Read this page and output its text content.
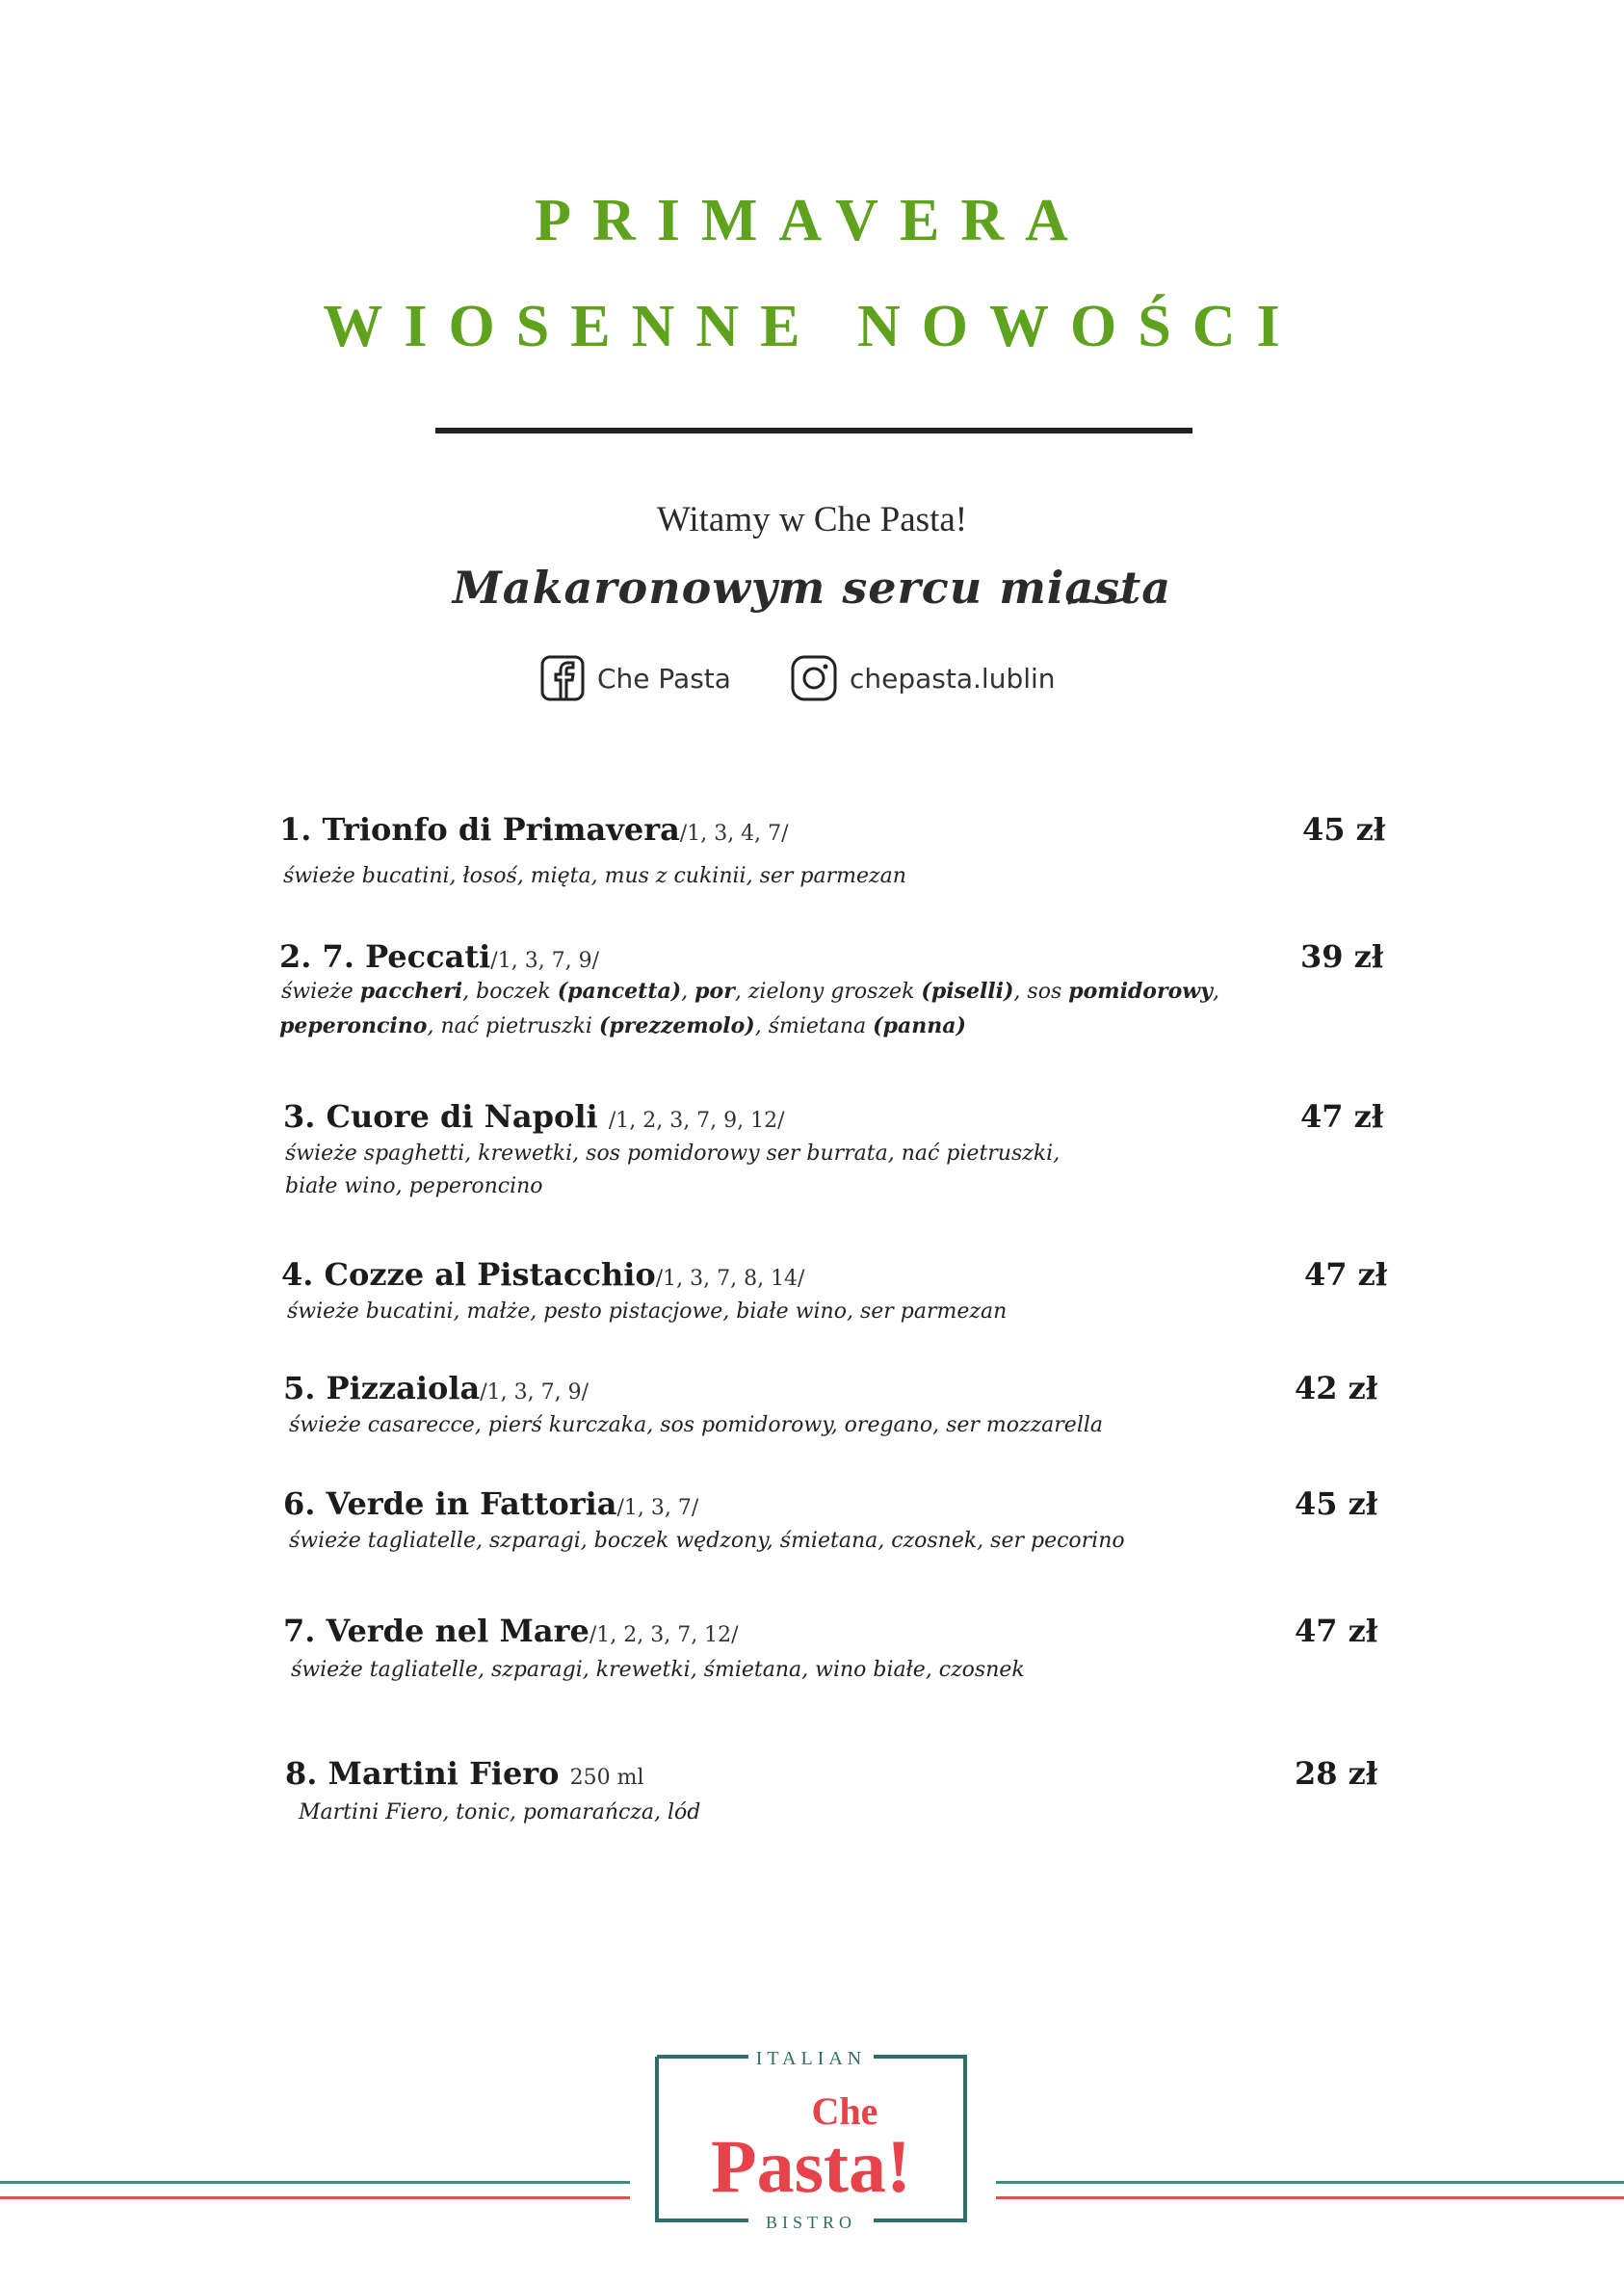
PRIMAVERA
WIOSENNE NOWOŚCI
Witamy w Che Pasta!
Makaronowym sercu miasta
Che Pasta	chepasta.lublin
1. Trionfo di Primavera/1, 3, 4, 7/	45 zł
świeże bucatini, łosoś, mięta, mus z cukinii, ser parmezan
2. 7. Peccati/1, 3, 7, 9/	39 zł
świeże paccheri, boczek (pancetta), por, zielony groszek (piselli), sos pomidorowy,
peperoncino, nać pietruszki (prezzemolo), śmietana (panna)
3. Cuore di Napoli /1, 2, 3, 7, 9, 12/	47 zł
świeże spaghetti, krewetki, sos pomidorowy ser burrata, nać pietruszki,
białe wino, peperoncino
4. Cozze al Pistacchio/1, 3, 7, 8, 14/	47 zł
świeże bucatini, małże, pesto pistacjowe, białe wino, ser parmezan
5. Pizzaiola/1, 3, 7, 9/	42 zł
świeże casarecce, pierś kurczaka, sos pomidorowy, oregano, ser mozzarella
6. Verde in Fattoria/1, 3, 7/	45 zł
świeże tagliatelle, szparagi, boczek wędzony, śmietana, czosnek, ser pecorino
7. Verde nel Mare/1, 2, 3, 7, 12/	47 zł
świeże tagliatelle, szparagi, krewetki, śmietana, wino białe, czosnek
8. Martini Fiero 250 ml	28 zł
Martini Fiero, tonic, pomarańcza, lód
ITALIAN
Che
Pasta!
BISTRO
